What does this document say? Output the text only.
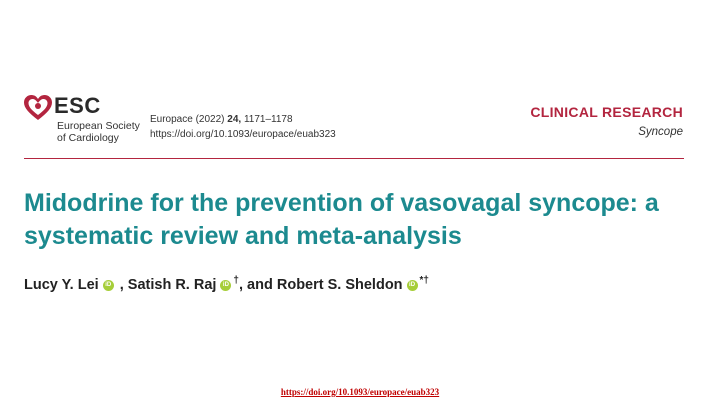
ESC
European Society
of Cardiology
Europace (2022) 24, 1171–1178
https://doi.org/10.1093/europace/euab323
CLINICAL RESEARCH
Syncope
Midodrine for the prevention of vasovagal syncope: a systematic review and meta-analysis
Lucy Y. Lei iD , Satish R. Raj iD †, and Robert S. Sheldon iD *†
https://doi.org/10.1093/europace/euab323
